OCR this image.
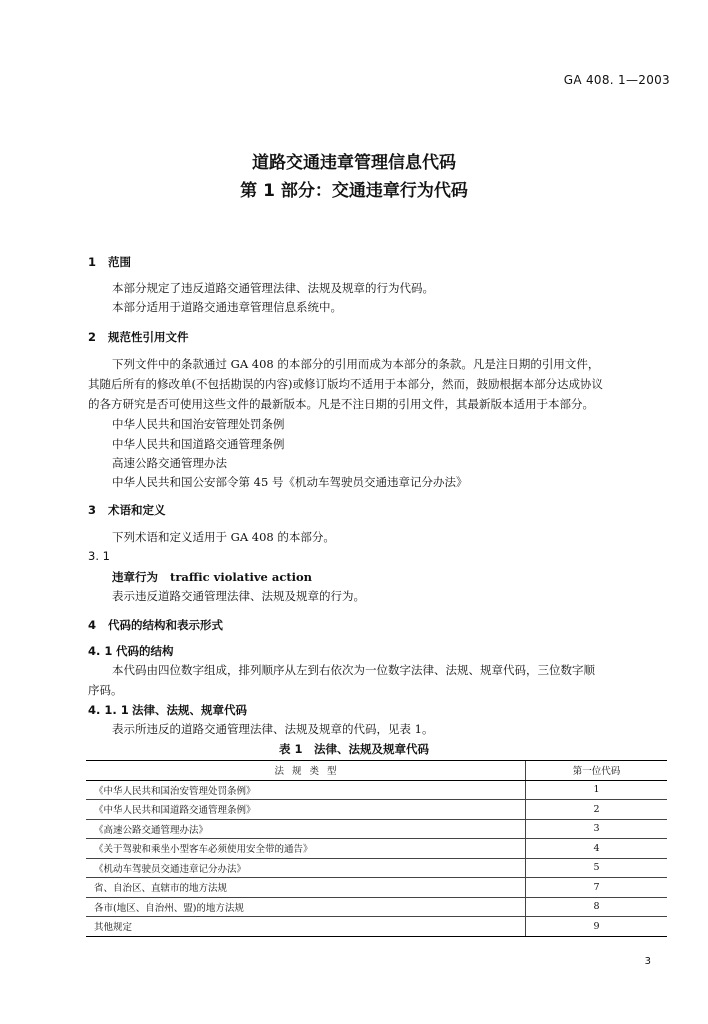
GA 408. 1—2003
道路交通违章管理信息代码
第 1 部分：交通违章行为代码
1 范围
本部分规定了违反道路交通管理法律、法规及规章的行为代码。
本部分适用于道路交通违章管理信息系统中。
2 规范性引用文件
下列文件中的条款通过 GA 408 的本部分的引用而成为本部分的条款。凡是注日期的引用文件，
其随后所有的修改单(不包括勘误的内容)或修订版均不适用于本部分，然而，鼓励根据本部分达成协议
的各方研究是否可使用这些文件的最新版本。凡是不注日期的引用文件，其最新版本适用于本部分。
中华人民共和国治安管理处罚条例
中华人民共和国道路交通管理条例
高速公路交通管理办法
中华人民共和国公安部令第 45 号《机动车驾驶员交通违章记分办法》
3 术语和定义
下列术语和定义适用于 GA 408 的本部分。
3. 1
违章行为 traffic violative action
表示违反道路交通管理法律、法规及规章的行为。
4 代码的结构和表示形式
4. 1 代码的结构
本代码由四位数字组成，排列顺序从左到右依次为一位数字法律、法规、规章代码，三位数字顺
序码。
4. 1. 1 法律、法规、规章代码
表示所违反的道路交通管理法律、法规及规章的代码，见表 1。
表 1　法律、法规及规章代码
法规类型	第一位代码
《中华人民共和国治安管理处罚条例》	1
《中华人民共和国道路交通管理条例》	2
《高速公路交通管理办法》	3
《关于驾驶和乘坐小型客车必须使用安全带的通告》	4
《机动车驾驶员交通违章记分办法》	5
省、自治区、直辖市的地方法规	7
各市(地区、自治州、盟)的地方法规	8
其他规定	9
3
